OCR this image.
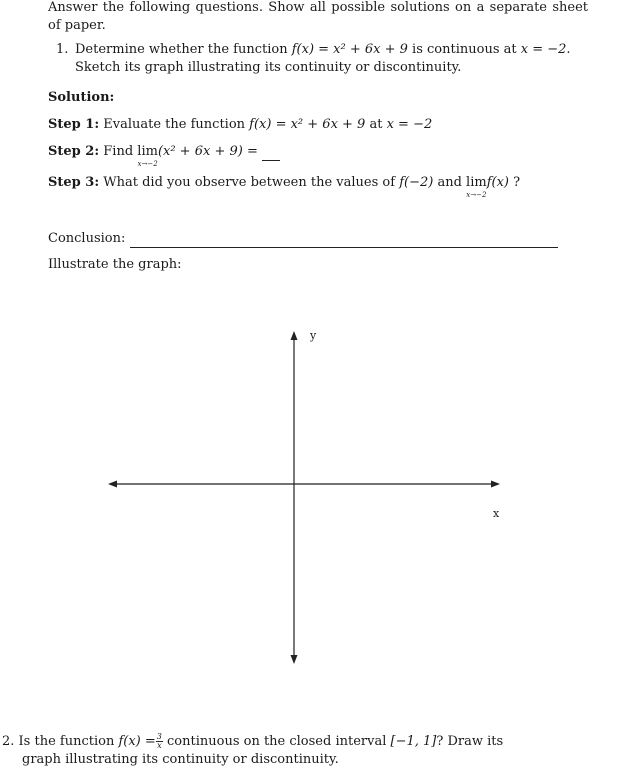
Answer the following questions. Show all possible solutions on a separate sheet of paper.
1. Determine whether the function f(x) = x² + 6x + 9 is continuous at x = −2.
Sketch its graph illustrating its continuity or discontinuity.
Solution:
Step 1: Evaluate the function f(x) = x² + 6x + 9 at x = −2
Step 2: Find lim
x→−2
(x² + 6x + 9) =
Step 3: What did you observe between the values of f(−2) and lim
x→−2
f(x) ?
Conclusion:
Illustrate the graph:
y
x
2. Is the function $f(x) = \frac{3}{x}$ continuous on the closed interval [−1, 1]? Draw its
graph illustrating its continuity or discontinuity.
